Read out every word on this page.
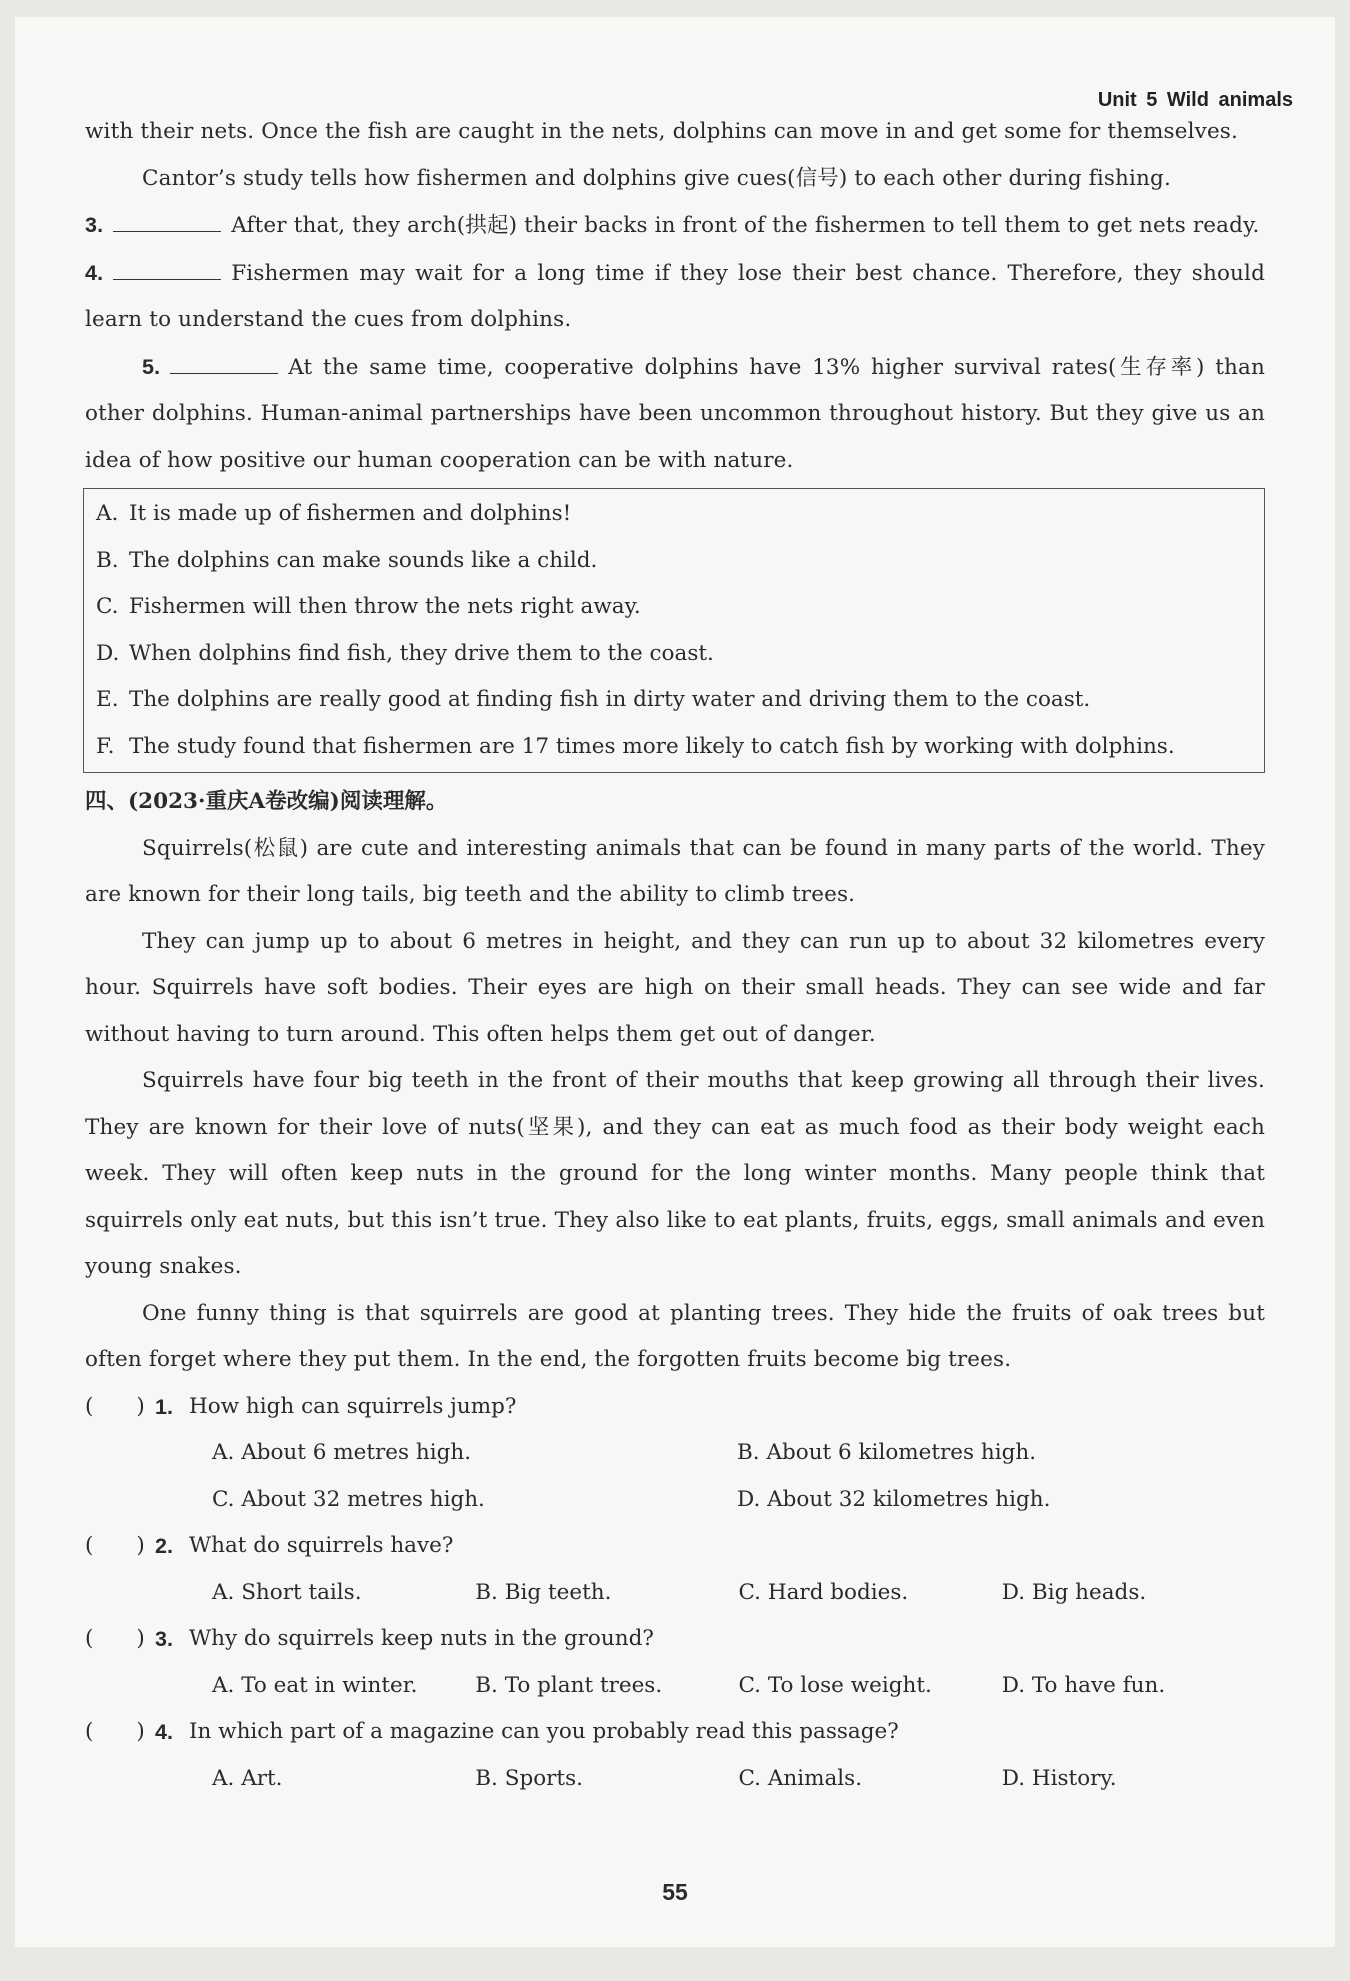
Unit 5 Wild animals
with their nets. Once the fish are caught in the nets, dolphins can move in and get some for themselves.
Cantor’s study tells how fishermen and dolphins give cues(信号) to each other during fishing.
3.	After that, they arch(拱起) their backs in front of the fishermen to tell them to get nets ready.
4.	Fishermen may wait for a long time if they lose their best chance. Therefore, they should learn to understand the cues from dolphins.
5.	At the same time, cooperative dolphins have 13% higher survival rates(生存率) than other dolphins. Human-animal partnerships have been uncommon throughout history. But they give us an idea of how positive our human cooperation can be with nature.
A. It is made up of fishermen and dolphins!
B. The dolphins can make sounds like a child.
C. Fishermen will then throw the nets right away.
D. When dolphins find fish, they drive them to the coast.
E. The dolphins are really good at finding fish in dirty water and driving them to the coast.
F. The study found that fishermen are 17 times more likely to catch fish by working with dolphins.
四、(2023·重庆A卷改编)阅读理解。
Squirrels(松鼠) are cute and interesting animals that can be found in many parts of the world. They are known for their long tails, big teeth and the ability to climb trees.
They can jump up to about 6 metres in height, and they can run up to about 32 kilometres every hour. Squirrels have soft bodies. Their eyes are high on their small heads. They can see wide and far without having to turn around. This often helps them get out of danger.
Squirrels have four big teeth in the front of their mouths that keep growing all through their lives. They are known for their love of nuts(坚果), and they can eat as much food as their body weight each week. They will often keep nuts in the ground for the long winter months. Many people think that squirrels only eat nuts, but this isn’t true. They also like to eat plants, fruits, eggs, small animals and even young snakes.
One funny thing is that squirrels are good at planting trees. They hide the fruits of oak trees but often forget where they put them. In the end, the forgotten fruits become big trees.
(　　) 1. How high can squirrels jump?
A. About 6 metres high.	B. About 6 kilometres high.
C. About 32 metres high.	D. About 32 kilometres high.
(　　) 2. What do squirrels have?
A. Short tails.	B. Big teeth.	C. Hard bodies.	D. Big heads.
(　　) 3. Why do squirrels keep nuts in the ground?
A. To eat in winter.	B. To plant trees.	C. To lose weight.	D. To have fun.
(　　) 4. In which part of a magazine can you probably read this passage?
A. Art.	B. Sports.	C. Animals.	D. History.
55
